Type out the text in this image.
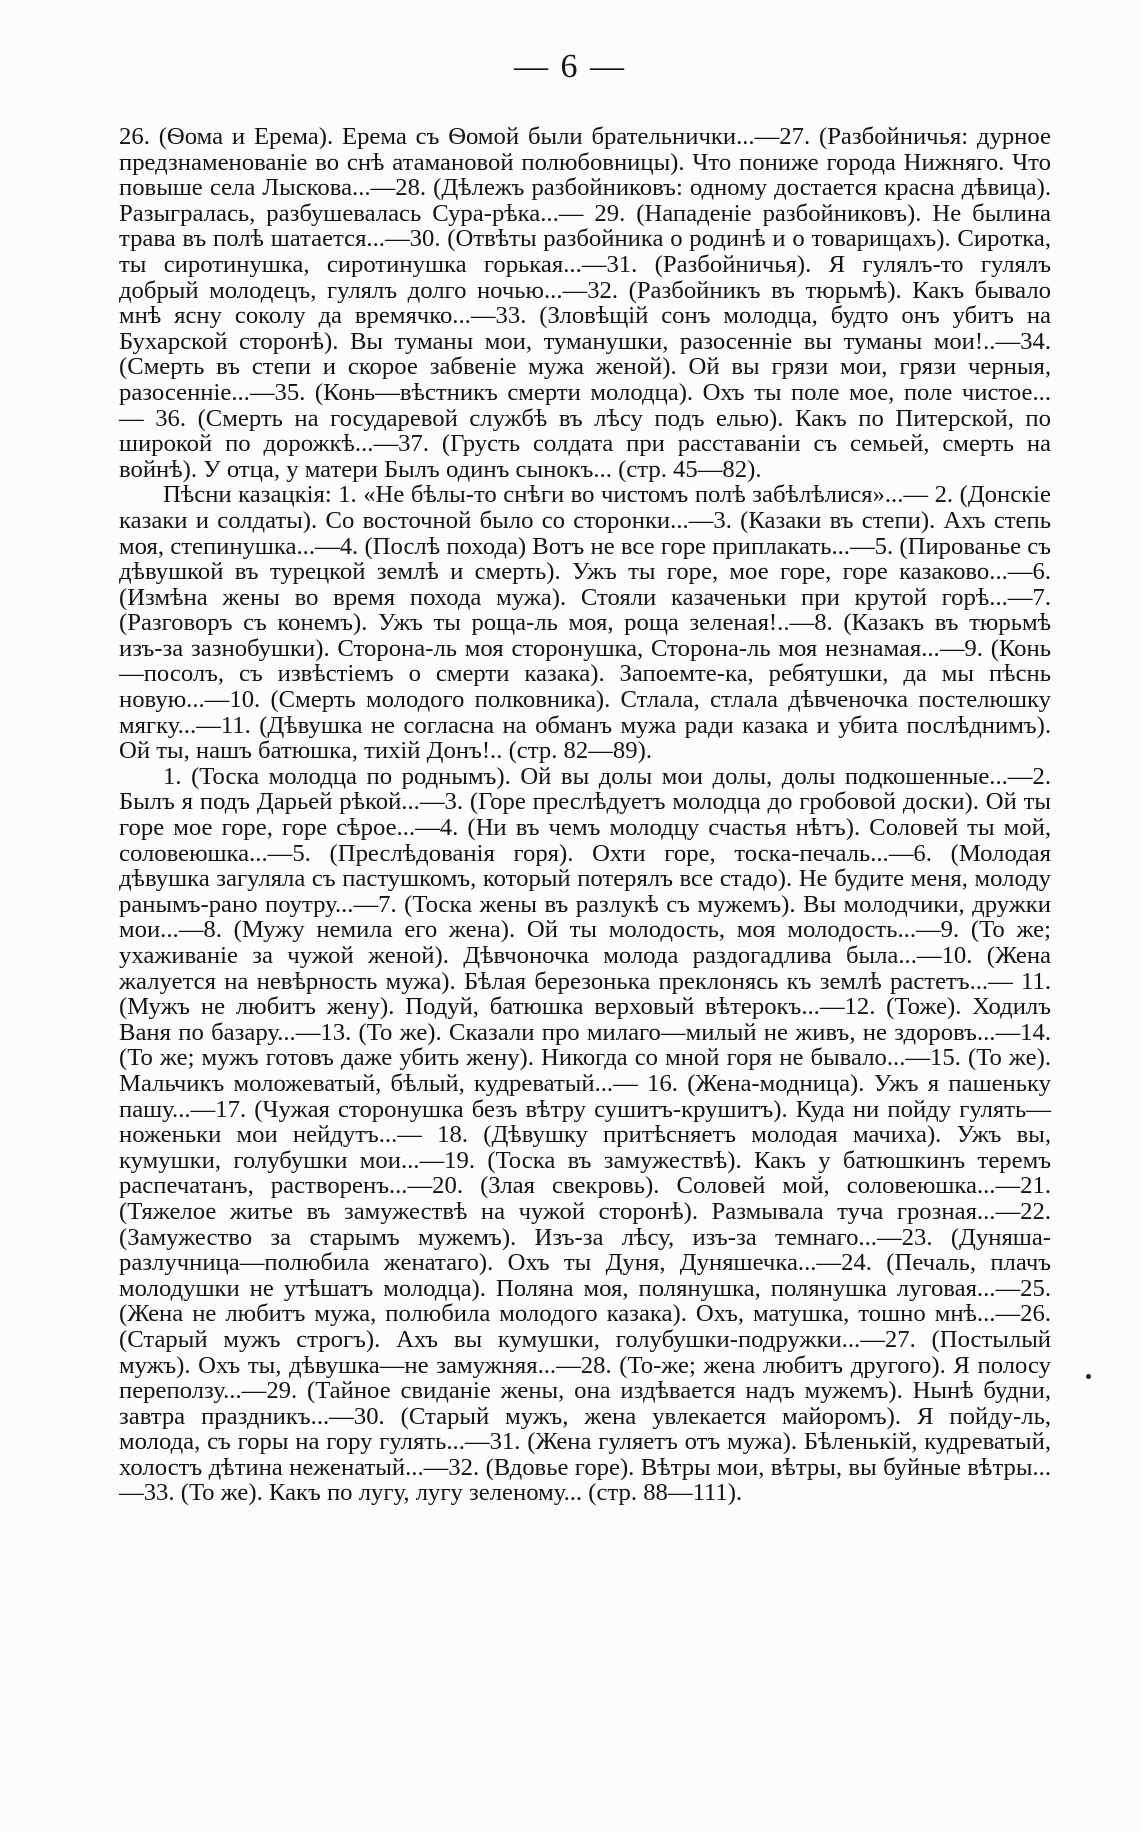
— 6 —

26. (Ѳома и Ерема). Ерема съ Ѳомой были брательнички...—27. (Разбойничья: дурное предзнаменованіе во снѣ атамановой полюбовницы). Что пониже города Нижняго. Что повыше села Лыскова...—28. (Дѣлежъ разбойниковъ: одному достается красна дѣвица). Разыгралась, разбушевалась Сура-рѣка...— 29. (Нападеніе разбойниковъ). Не былина трава въ полѣ шатается...—30. (Отвѣты разбойника о родинѣ и о товарищахъ). Сиротка, ты сиротинушка, сиротинушка горькая...—31. (Разбойничья). Я гулялъ-то гулялъ добрый молодецъ, гулялъ долго ночью...—32. (Разбойникъ въ тюрьмѣ). Какъ бывало мнѣ ясну соколу да времячко...—33. (Зловѣщій сонъ молодца, будто онъ убитъ на Бухарской сторонѣ). Вы туманы мои, туманушки, разосенніе вы туманы мои!..—34. (Смерть въ степи и скорое забвеніе мужа женой). Ой вы грязи мои, грязи черныя, разосенніе...—35. (Конь—вѣстникъ смерти молодца). Охъ ты поле мое, поле чистое... — 36. (Смерть на государевой службѣ въ лѣсу подъ елью). Какъ по Питерской, по широкой по дорожкѣ...—37. (Грусть солдата при расставаніи съ семьей, смерть на войнѣ). У отца, у матери Былъ одинъ сынокъ... (стр. 45—82).

Пѣсни казацкія: 1. «Не бѣлы-то снѣги во чистомъ полѣ забѣлѣлися»...— 2. (Донскіе казаки и солдаты). Со восточной было со сторонки...—3. (Казаки въ степи). Ахъ степь моя, степинушка...—4. (Послѣ похода) Вотъ не все горе приплакать...—5. (Пированье съ дѣвушкой въ турецкой землѣ и смерть). Ужъ ты горе, мое горе, горе казаково...—6. (Измѣна жены во время похода мужа). Стояли казаченьки при крутой горѣ...—7. (Разговоръ съ конемъ). Ужъ ты роща-ль моя, роща зеленая!..—8. (Казакъ въ тюрьмѣ изъ-за зазнобушки). Сторона-ль моя сторонушка, Сторона-ль моя незнамая...—9. (Конь—посолъ, съ извѣстіемъ о смерти казака). Запоемте-ка, ребятушки, да мы пѣснь новую...—10. (Смерть молодого полковника). Стлала, стлала дѣвченочка постелюшку мягку...—11. (Дѣвушка не согласна на обманъ мужа ради казака и убита послѣднимъ). Ой ты, нашъ батюшка, тихій Донъ!.. (стр. 82—89).

1. (Тоска молодца по роднымъ). Ой вы долы мои долы, долы подкошенные...—2. Былъ я подъ Дарьей рѣкой...—3. (Горе преслѣдуетъ молодца до гробовой доски). Ой ты горе мое горе, горе сѣрое...—4. (Ни въ чемъ молодцу счастья нѣтъ). Соловей ты мой, соловеюшка...—5. (Преслѣдованія горя). Охти горе, тоска-печаль...—6. (Молодая дѣвушка загуляла съ пастушкомъ, который потерялъ все стадо). Не будите меня, молоду ранымъ-рано поутру...—7. (Тоска жены въ разлукѣ съ мужемъ). Вы молодчики, дружки мои...—8. (Мужу немила его жена). Ой ты молодость, моя молодость...—9. (То же; ухаживаніе за чужой женой). Дѣвчоночка молода раздогадлива была...—10. (Жена жалуется на невѣрность мужа). Бѣлая березонька преклонясь къ землѣ растетъ...— 11. (Мужъ не любитъ жену). Подуй, батюшка верховый вѣтерокъ...—12. (Тоже). Ходилъ Ваня по базару...—13. (То же). Сказали про милаго—милый не живъ, не здоровъ...—14. (То же; мужъ готовъ даже убить жену). Никогда со мной горя не бывало...—15. (То же). Мальчикъ моложеватый, бѣлый, кудреватый...— 16. (Жена-модница). Ужъ я пашеньку пашу...—17. (Чужая сторонушка безъ вѣтру сушитъ-крушитъ). Куда ни пойду гулять—ноженьки мои нейдутъ...— 18. (Дѣвушку притѣсняетъ молодая мачиха). Ужъ вы, кумушки, голубушки мои...—19. (Тоска въ замужествѣ). Какъ у батюшкинъ теремъ распечатанъ, растворенъ...—20. (Злая свекровь). Соловей мой, соловеюшка...—21. (Тяжелое житье въ замужествѣ на чужой сторонѣ). Размывала туча грозная...—22. (Замужество за старымъ мужемъ). Изъ-за лѣсу, изъ-за темнаго...—23. (Дуняша-разлучница—полюбила женатаго). Охъ ты Дуня, Дуняшечка...—24. (Печаль, плачъ молодушки не утѣшатъ молодца). Поляна моя, полянушка, полянушка луговая...—25. (Жена не любитъ мужа, полюбила молодого казака). Охъ, матушка, тошно мнѣ...—26. (Старый мужъ строгъ). Ахъ вы кумушки, голубушки-подружки...—27. (Постылый мужъ). Охъ ты, дѣвушка—не замужняя...—28. (То-же; жена любитъ другого). Я полосу переползу...—29. (Тайное свиданіе жены, она издѣвается надъ мужемъ). Нынѣ будни, завтра праздникъ...—30. (Старый мужъ, жена увлекается майоромъ). Я пойду-ль, молода, съ горы на гору гулять...—31. (Жена гуляетъ отъ мужа). Бѣленькій, кудреватый, холостъ дѣтина неженатый...—32. (Вдовье горе). Вѣтры мои, вѣтры, вы буйные вѣтры...—33. (То же). Какъ по лугу, лугу зеленому... (стр. 88—111).
